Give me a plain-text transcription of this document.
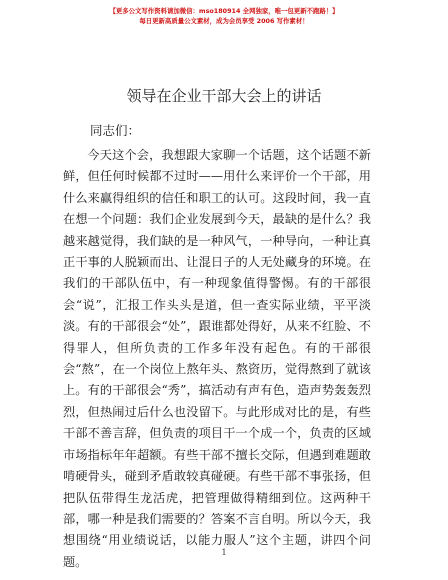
【更多公文写作资料请加微信：mso180914 全网独家，唯一包更新不跑路！】
每日更新高质量公文素材，成为会员享受 2006 写作素材！
领导在企业干部大会上的讲话
同志们：

今天这个会，我想跟大家聊一个话题，这个话题不新鲜，但任何时候都不过时——用什么来评价一个干部，用什么来赢得组织的信任和职工的认可。这段时间，我一直在想一个问题：我们企业发展到今天，最缺的是什么？我越来越觉得，我们缺的是一种风气，一种导向，一种让真正干事的人脱颖而出、让混日子的人无处藏身的环境。在我们的干部队伍中，有一种现象值得警惕。有的干部很会“说”，汇报工作头头是道，但一查实际业绩，平平淡淡。有的干部很会“处”，跟谁都处得好，从来不红脸、不得罪人，但所负责的工作多年没有起色。有的干部很会“熬”，在一个岗位上熬年头、熬资历，觉得熬到了就该上。有的干部很会“秀”，搞活动有声有色，造声势轰轰烈烈，但热闹过后什么也没留下。与此形成对比的是，有些干部不善言辞，但负责的项目干一个成一个，负责的区域市场指标年年超额。有些干部不擅长交际，但遇到难题敢啃硬骨头，碰到矛盾敢较真碰硬。有些干部不事张扬，但把队伍带得生龙活虎，把管理做得精细到位。这两种干部，哪一种是我们需要的？答案不言自明。所以今天，我想围绕“用业绩说话，以能力服人”这个主题，讲四个问题。

1
